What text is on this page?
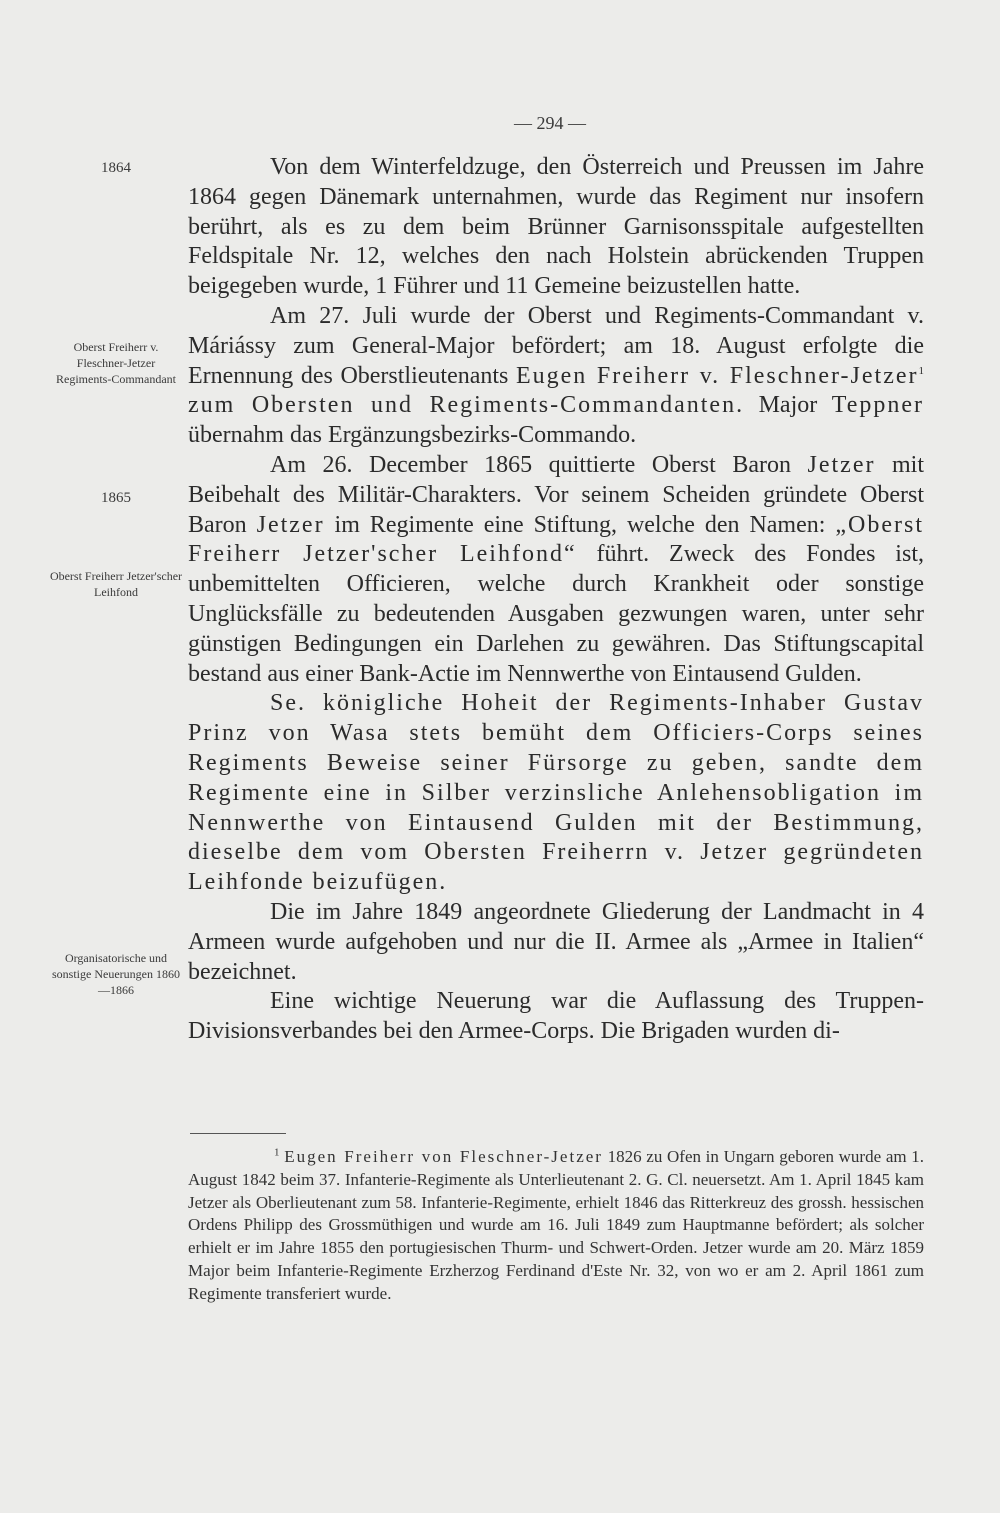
— 294 —
1864
Oberst Freiherr v. Fleschner-Jetzer Regiments-Commandant
1865
Oberst Freiherr Jetzer'scher Leihfond
Organisatorische und sonstige Neuerungen 1860—1866

Von dem Winterfeldzuge, den Österreich und Preussen im Jahre 1864 gegen Dänemark unternahmen, wurde das Regiment nur insofern berührt, als es zu dem beim Brünner Garnisonsspitale aufgestellten Feldspitale Nr. 12, welches den nach Holstein abrückenden Truppen beigegeben wurde, 1 Führer und 11 Gemeine beizustellen hatte.

Am 27. Juli wurde der Oberst und Regiments-Commandant v. Máriássy zum General-Major befördert; am 18. August erfolgte die Ernennung des Oberstlieutenants Eugen Freiherr v. Fleschner-Jetzer$^1$ zum Obersten und Regiments-Commandanten. Major Teppner übernahm das Ergänzungsbezirks-Commando.

Am 26. December 1865 quittierte Oberst Baron Jetzer mit Beibehalt des Militär-Charakters. Vor seinem Scheiden gründete Oberst Baron Jetzer im Regimente eine Stiftung, welche den Namen: „Oberst Freiherr Jetzer'scher Leihfond“ führt. Zweck des Fondes ist, unbemittelten Officieren, welche durch Krankheit oder sonstige Unglücksfälle zu bedeutenden Ausgaben gezwungen waren, unter sehr günstigen Bedingungen ein Darlehen zu gewähren. Das Stiftungscapital bestand aus einer Bank-Actie im Nennwerthe von Eintausend Gulden.

Se. königliche Hoheit der Regiments-Inhaber Gustav Prinz von Wasa stets bemüht dem Officiers-Corps seines Regiments Beweise seiner Fürsorge zu geben, sandte dem Regimente eine in Silber verzinsliche Anlehensobligation im Nennwerthe von Eintausend Gulden mit der Bestimmung, dieselbe dem vom Obersten Freiherrn v. Jetzer gegründeten Leihfonde beizufügen.

Die im Jahre 1849 angeordnete Gliederung der Landmacht in 4 Armeen wurde aufgehoben und nur die II. Armee als „Armee in Italien“ bezeichnet.

Eine wichtige Neuerung war die Auflassung des Truppen-Divisionsverbandes bei den Armee-Corps. Die Brigaden wurden di-

$^1$ Eugen Freiherr von Fleschner-Jetzer 1826 zu Ofen in Ungarn geboren wurde am 1. August 1842 beim 37. Infanterie-Regimente als Unterlieutenant 2. G. Cl. neuersetzt. Am 1. April 1845 kam Jetzer als Oberlieutenant zum 58. Infanterie-Regimente, erhielt 1846 das Ritterkreuz des grossh. hessischen Ordens Philipp des Grossmüthigen und wurde am 16. Juli 1849 zum Hauptmanne befördert; als solcher erhielt er im Jahre 1855 den portugiesischen Thurm- und Schwert-Orden. Jetzer wurde am 20. März 1859 Major beim Infanterie-Regimente Erzherzog Ferdinand d'Este Nr. 32, von wo er am 2. April 1861 zum Regimente transferiert wurde.
